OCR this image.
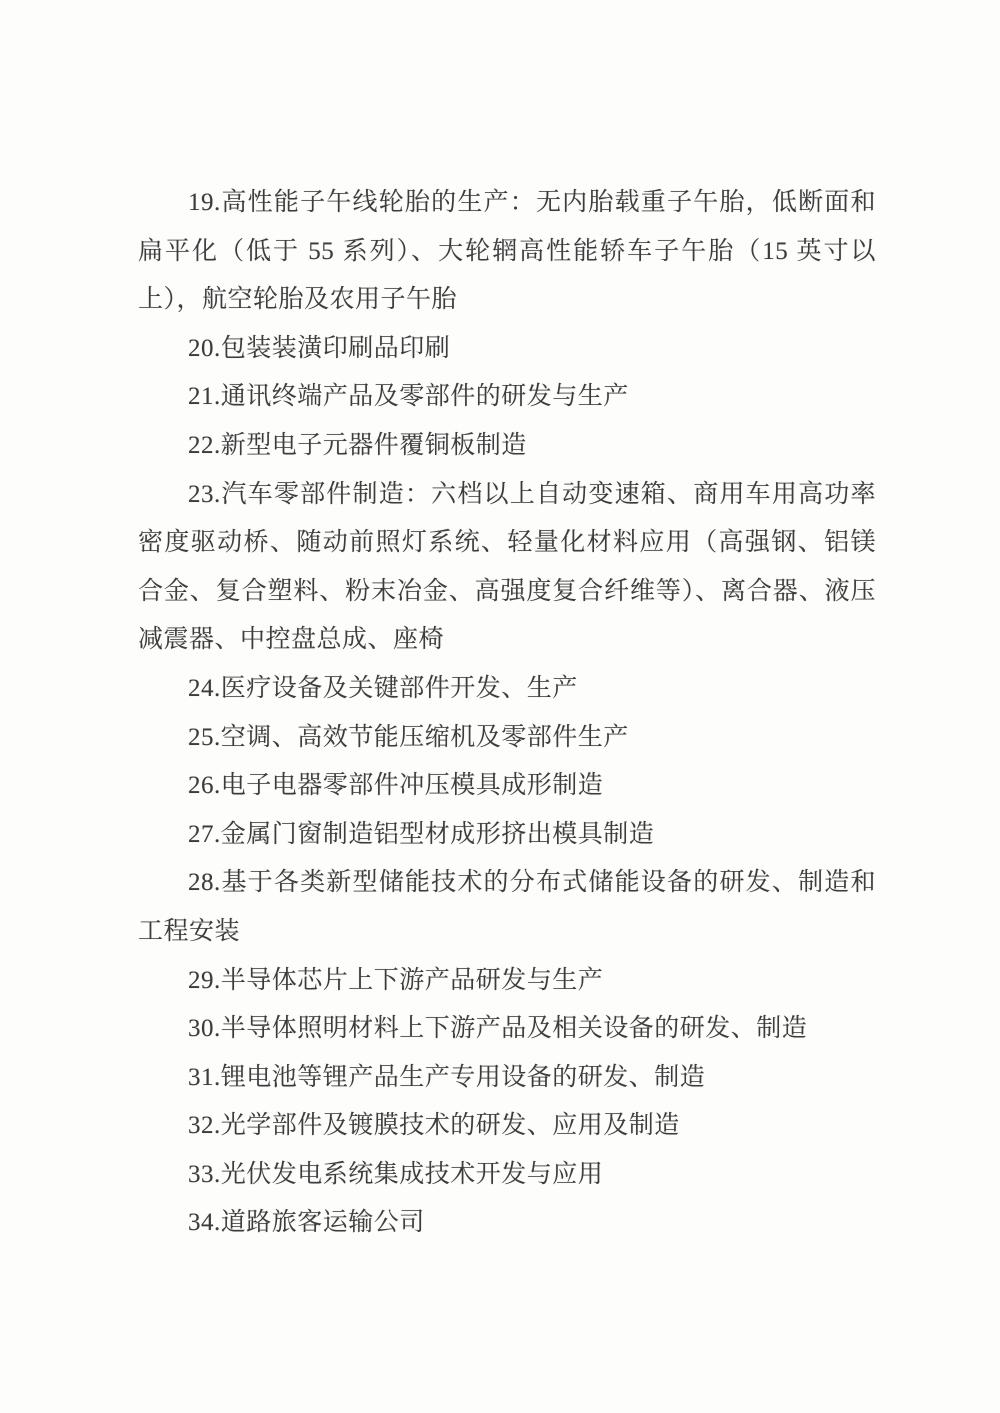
19.高性能子午线轮胎的生产：无内胎载重子午胎，低断面和扁平化（低于 55 系列）、大轮辋高性能轿车子午胎（15 英寸以上），航空轮胎及农用子午胎

20.包装装潢印刷品印刷

21.通讯终端产品及零部件的研发与生产

22.新型电子元器件覆铜板制造

23.汽车零部件制造：六档以上自动变速箱、商用车用高功率密度驱动桥、随动前照灯系统、轻量化材料应用（高强钢、铝镁合金、复合塑料、粉末冶金、高强度复合纤维等）、离合器、液压减震器、中控盘总成、座椅

24.医疗设备及关键部件开发、生产

25.空调、高效节能压缩机及零部件生产

26.电子电器零部件冲压模具成形制造

27.金属门窗制造铝型材成形挤出模具制造

28.基于各类新型储能技术的分布式储能设备的研发、制造和工程安装

29.半导体芯片上下游产品研发与生产

30.半导体照明材料上下游产品及相关设备的研发、制造

31.锂电池等锂产品生产专用设备的研发、制造

32.光学部件及镀膜技术的研发、应用及制造

33.光伏发电系统集成技术开发与应用

34.道路旅客运输公司
